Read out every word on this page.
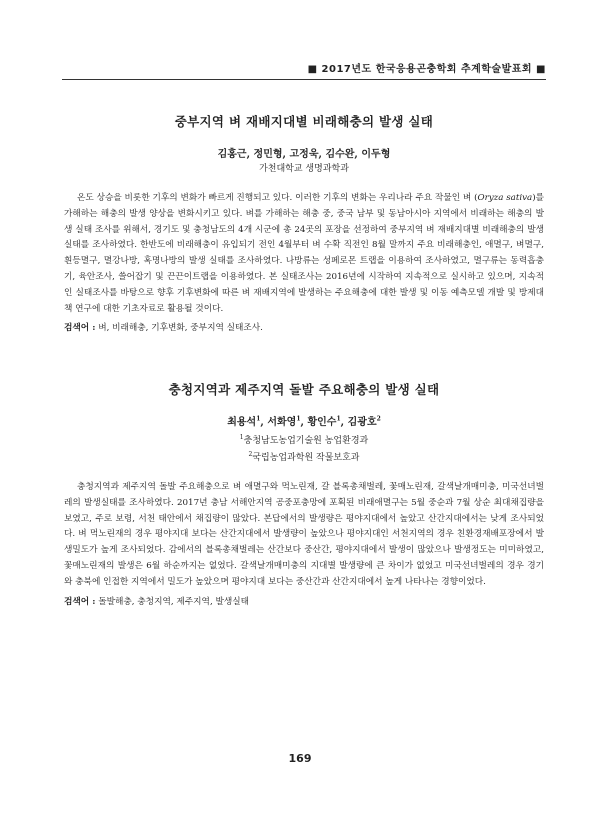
■ 2017년도 한국응용곤충학회 추계학술발표회 ■
중부지역 벼 재배지대별 비래해충의 발생 실태
김홍근, 정민형, 고정욱, 김수완, 이두형
가천대학교 생명과학과
온도 상승을 비롯한 기후의 변화가 빠르게 진행되고 있다. 이러한 기후의 변화는 우리나라 주요 작물인 벼 (Oryza sativa)를 가해하는 해충의 발생 양상을 변화시키고 있다. 벼를 가해하는 해충 중, 중국 남부 및 동남아시아 지역에서 비래하는 해충의 발생 실태 조사를 위해서, 경기도 및 충청남도의 4개 시군에 총 24곳의 포장을 선정하여 중부지역 벼 재배지대별 비래해충의 발생 실태를 조사하였다. 한반도에 비래해충이 유입되기 전인 4월부터 벼 수확 직전인 8월 말까지 주요 비래해충인, 애멸구, 벼멸구, 흰등멸구, 멸강나방, 혹명나방의 발생 실태를 조사하였다. 나방류는 성페로몬 트랩을 이용하여 조사하였고, 멸구류는 동력흡충기, 육안조사, 쓸어잡기 및 끈끈이트랩을 이용하였다. 본 실태조사는 2016년에 시작하여 지속적으로 실시하고 있으며, 지속적인 실태조사를 바탕으로 향후 기후변화에 따른 벼 재배지역에 발생하는 주요해충에 대한 발생 및 이동 예측모델 개발 및 방제대책 연구에 대한 기초자료로 활용될 것이다.
검색어 : 벼, 비래해충, 기후변화, 중부지역 실태조사.
충청지역과 제주지역 돌발 주요해충의 발생 실태
최용석$^1$, 서화영$^1$, 황인수$^1$, 김광호$^2$
$^1$충청남도농업기술원 농업환경과
$^2$국립농업과학원 작물보호과
충청지역과 제주지역 돌발 주요해충으로 벼 애멸구와 먹노린재, 갈 블록총채벌레, 꽃매노린재, 갈색날개매미충, 미국선녀벌레의 발생실태를 조사하였다. 2017년 충남 서해안지역 공중포충망에 포획된 비래애멸구는 5월 중순과 7월 상순 최대채집량을 보였고, 주로 보령, 서천 태안에서 채집량이 많았다. 본답에서의 발생량은 평야지대에서 높았고 산간지대에서는 낮게 조사되었다. 벼 먹노린재의 경우 평야지대 보다는 산간지대에서 발생량이 높았으나 평야지대인 서천지역의 경우 친환경재배포장에서 발생밀도가 높게 조사되었다. 감에서의 블록총채벌레는 산간보다 중산간, 평야지대에서 발생이 많았으나 발생정도는 미미하였고, 꽃매노린재의 발생은 6월 하순까지는 없었다. 갈색날개매미충의 지대별 발생량에 큰 차이가 없었고 미국선녀벌레의 경우 경기와 충북에 인접한 지역에서 밀도가 높았으며 평야지대 보다는 중산간과 산간지대에서 높게 나타나는 경향이었다.
검색어 : 돌발해충, 충청지역, 제주지역, 발생실태
169
